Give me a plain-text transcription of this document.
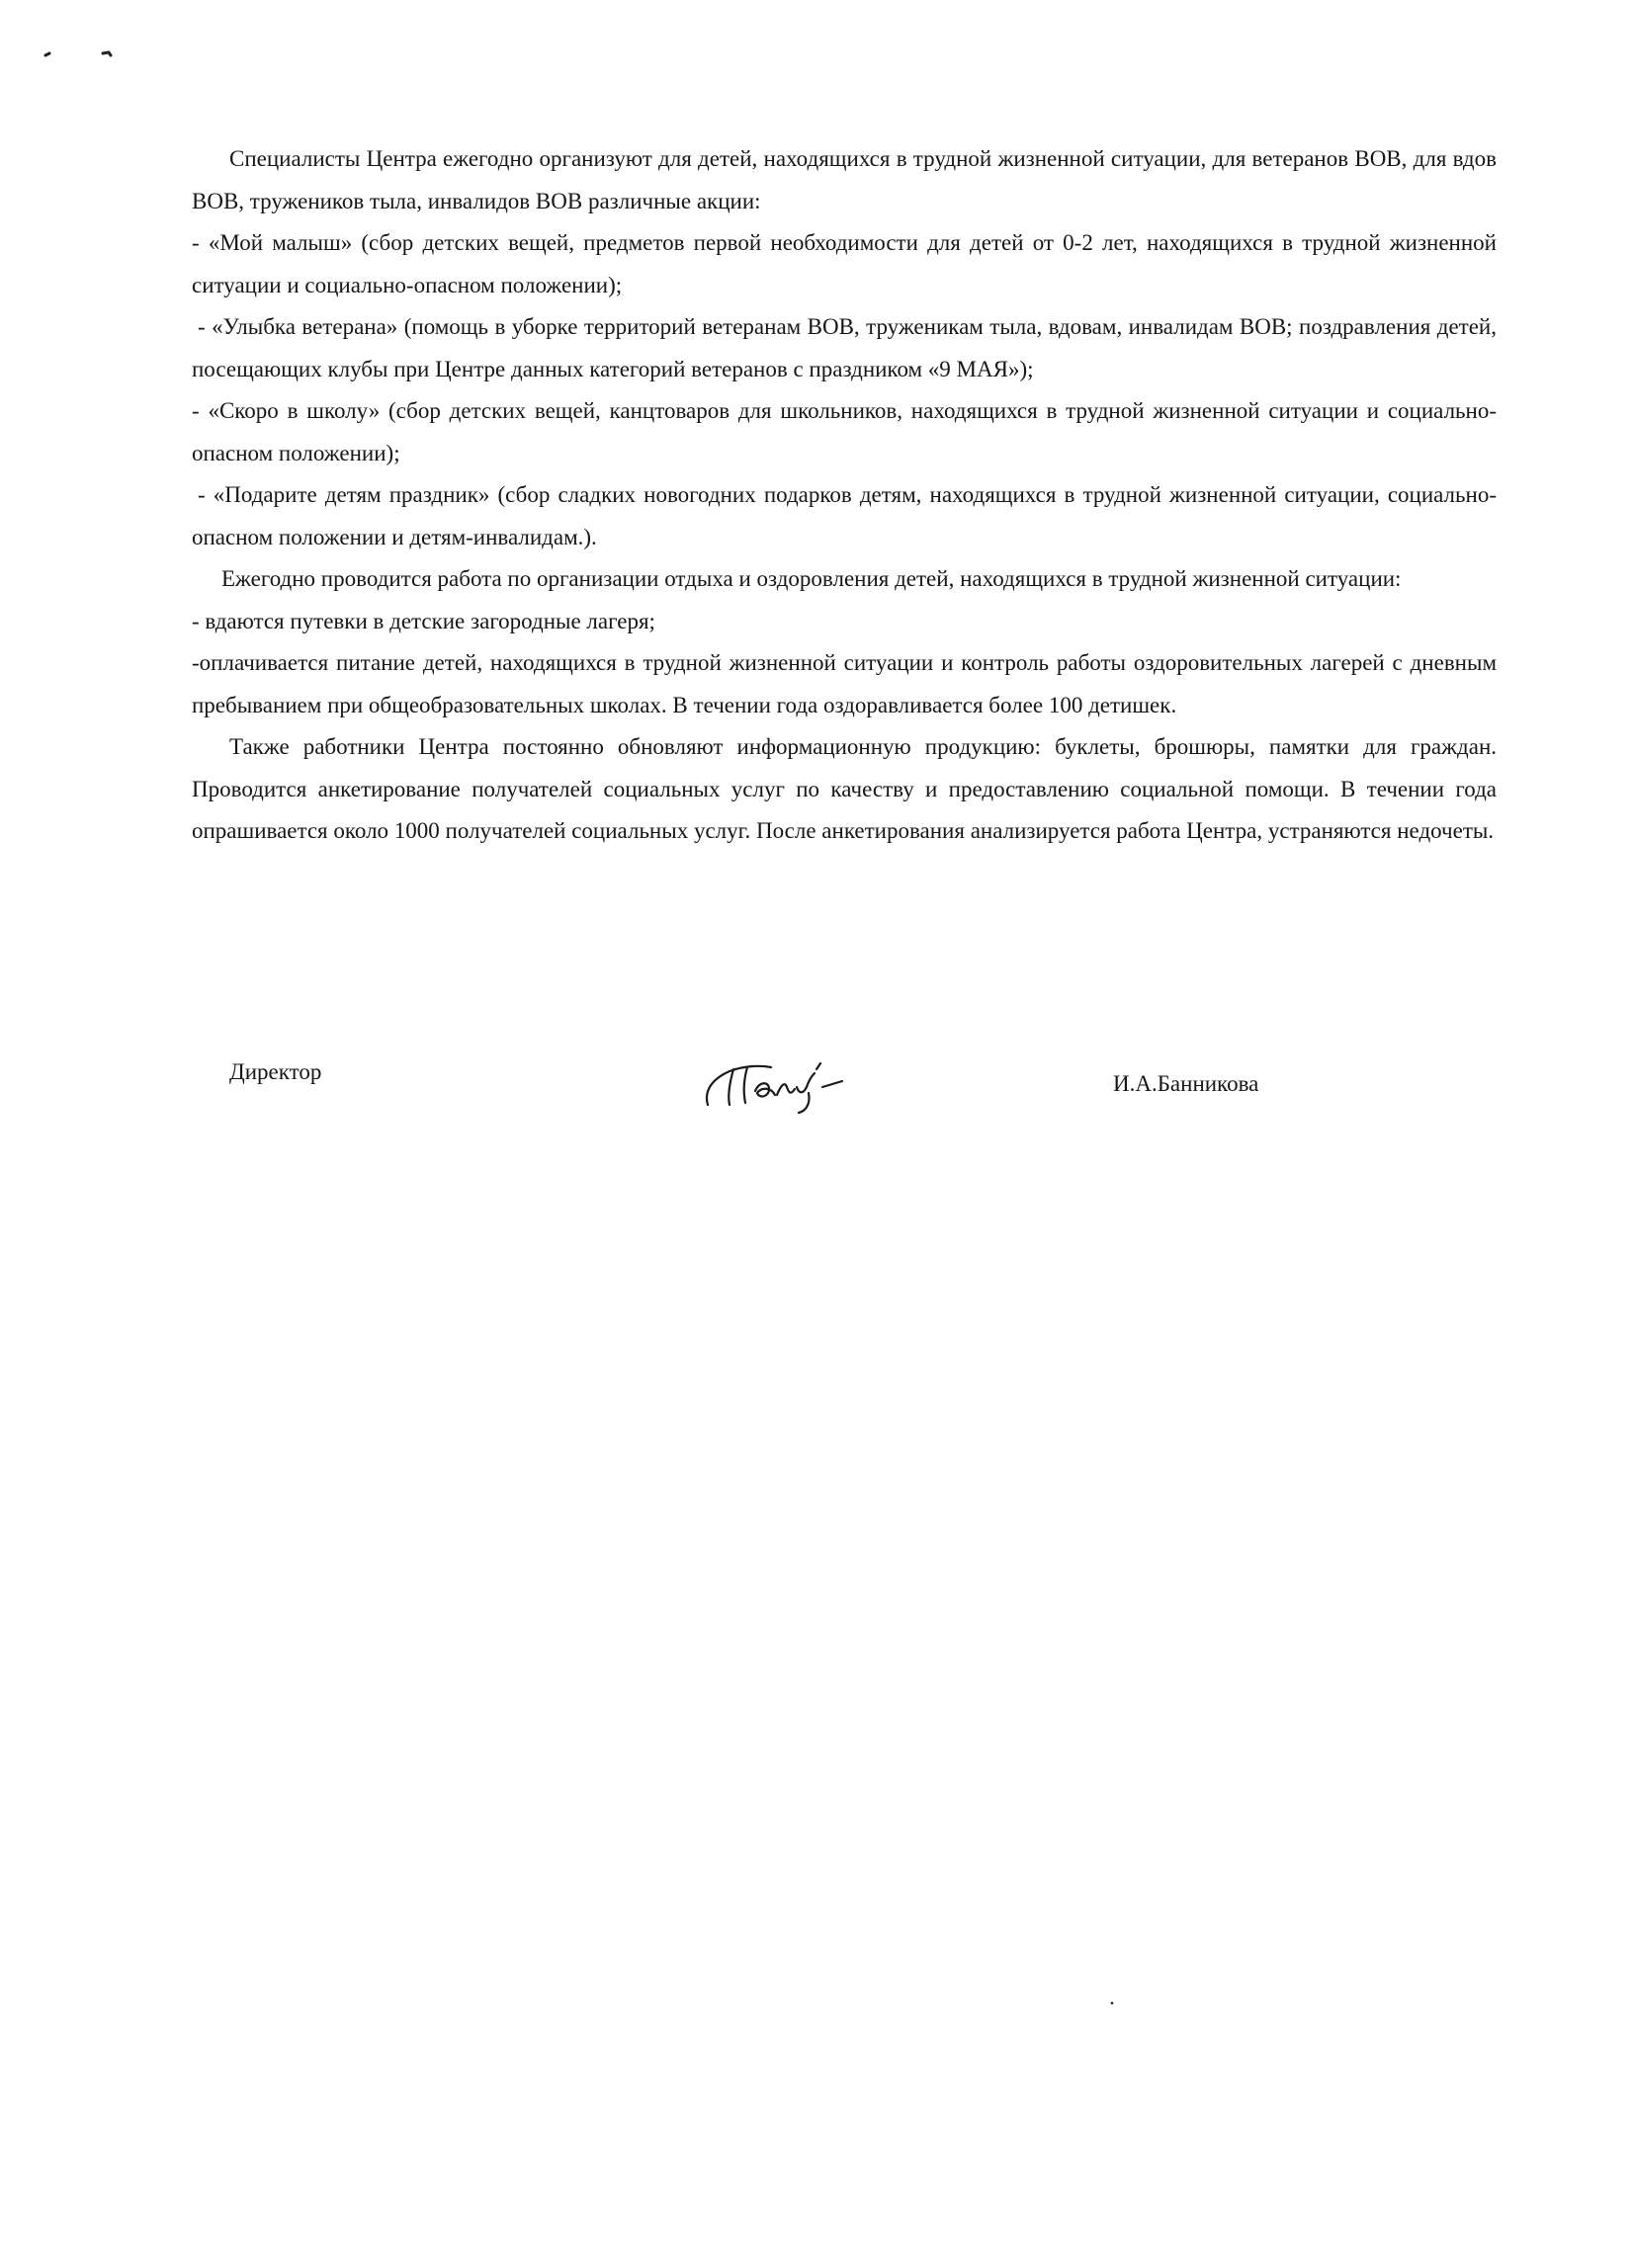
Специалисты Центра ежегодно организуют для детей, находящихся в трудной жизненной ситуации, для ветеранов ВОВ, для вдов ВОВ, тружеников тыла, инвалидов ВОВ различные акции:

- «Мой малыш» (сбор детских вещей, предметов первой необходимости для детей от 0-2 лет, находящихся в трудной жизненной ситуации и социально-опасном положении);

- «Улыбка ветерана» (помощь в уборке территорий ветеранам ВОВ, труженикам тыла, вдовам, инвалидам ВОВ; поздравления детей, посещающих клубы при Центре данных категорий ветеранов с праздником «9 МАЯ»);

- «Скоро в школу» (сбор детских вещей, канцтоваров для школьников, находящихся в трудной жизненной ситуации и социально-опасном положении);

- «Подарите детям праздник» (сбор сладких новогодних подарков детям, находящихся в трудной жизненной ситуации, социально-опасном положении и детям-инвалидам.).

Ежегодно проводится работа по организации отдыха и оздоровления детей, находящихся в трудной жизненной ситуации:

- вдаются путевки в детские загородные лагеря;

-оплачивается питание детей, находящихся в трудной жизненной ситуации и контроль работы оздоровительных лагерей с дневным пребыванием при общеобразовательных школах. В течении года оздоравливается более 100 детишек.

Также работники Центра постоянно обновляют информационную продукцию: буклеты, брошюры, памятки для граждан. Проводится анкетирование получателей социальных услуг по качеству и предоставлению социальной помощи. В течении года опрашивается около 1000 получателей социальных услуг. После анкетирования анализируется работа Центра, устраняются недочеты.

Директор	И.А.Банникова
